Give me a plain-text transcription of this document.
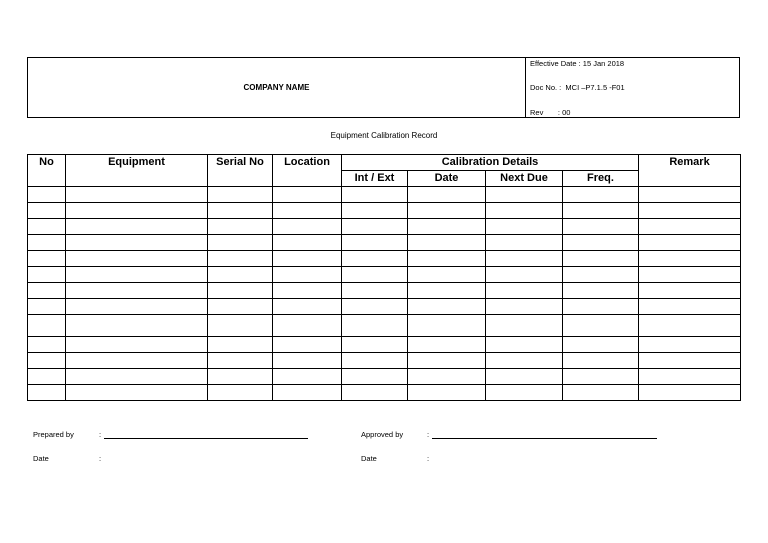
COMPANY NAME
Effective Date : 15 Jan 2018
Doc No. :  MCI –P7.1.5 -F01
Rev       : 00
Equipment Calibration Record
No	Equipment	Serial No	Location	Calibration Details				Remark
				Int / Ext	Date	Next Due	Freq.	

Prepared by	:	Approved by	:
Date	:	Date	:
